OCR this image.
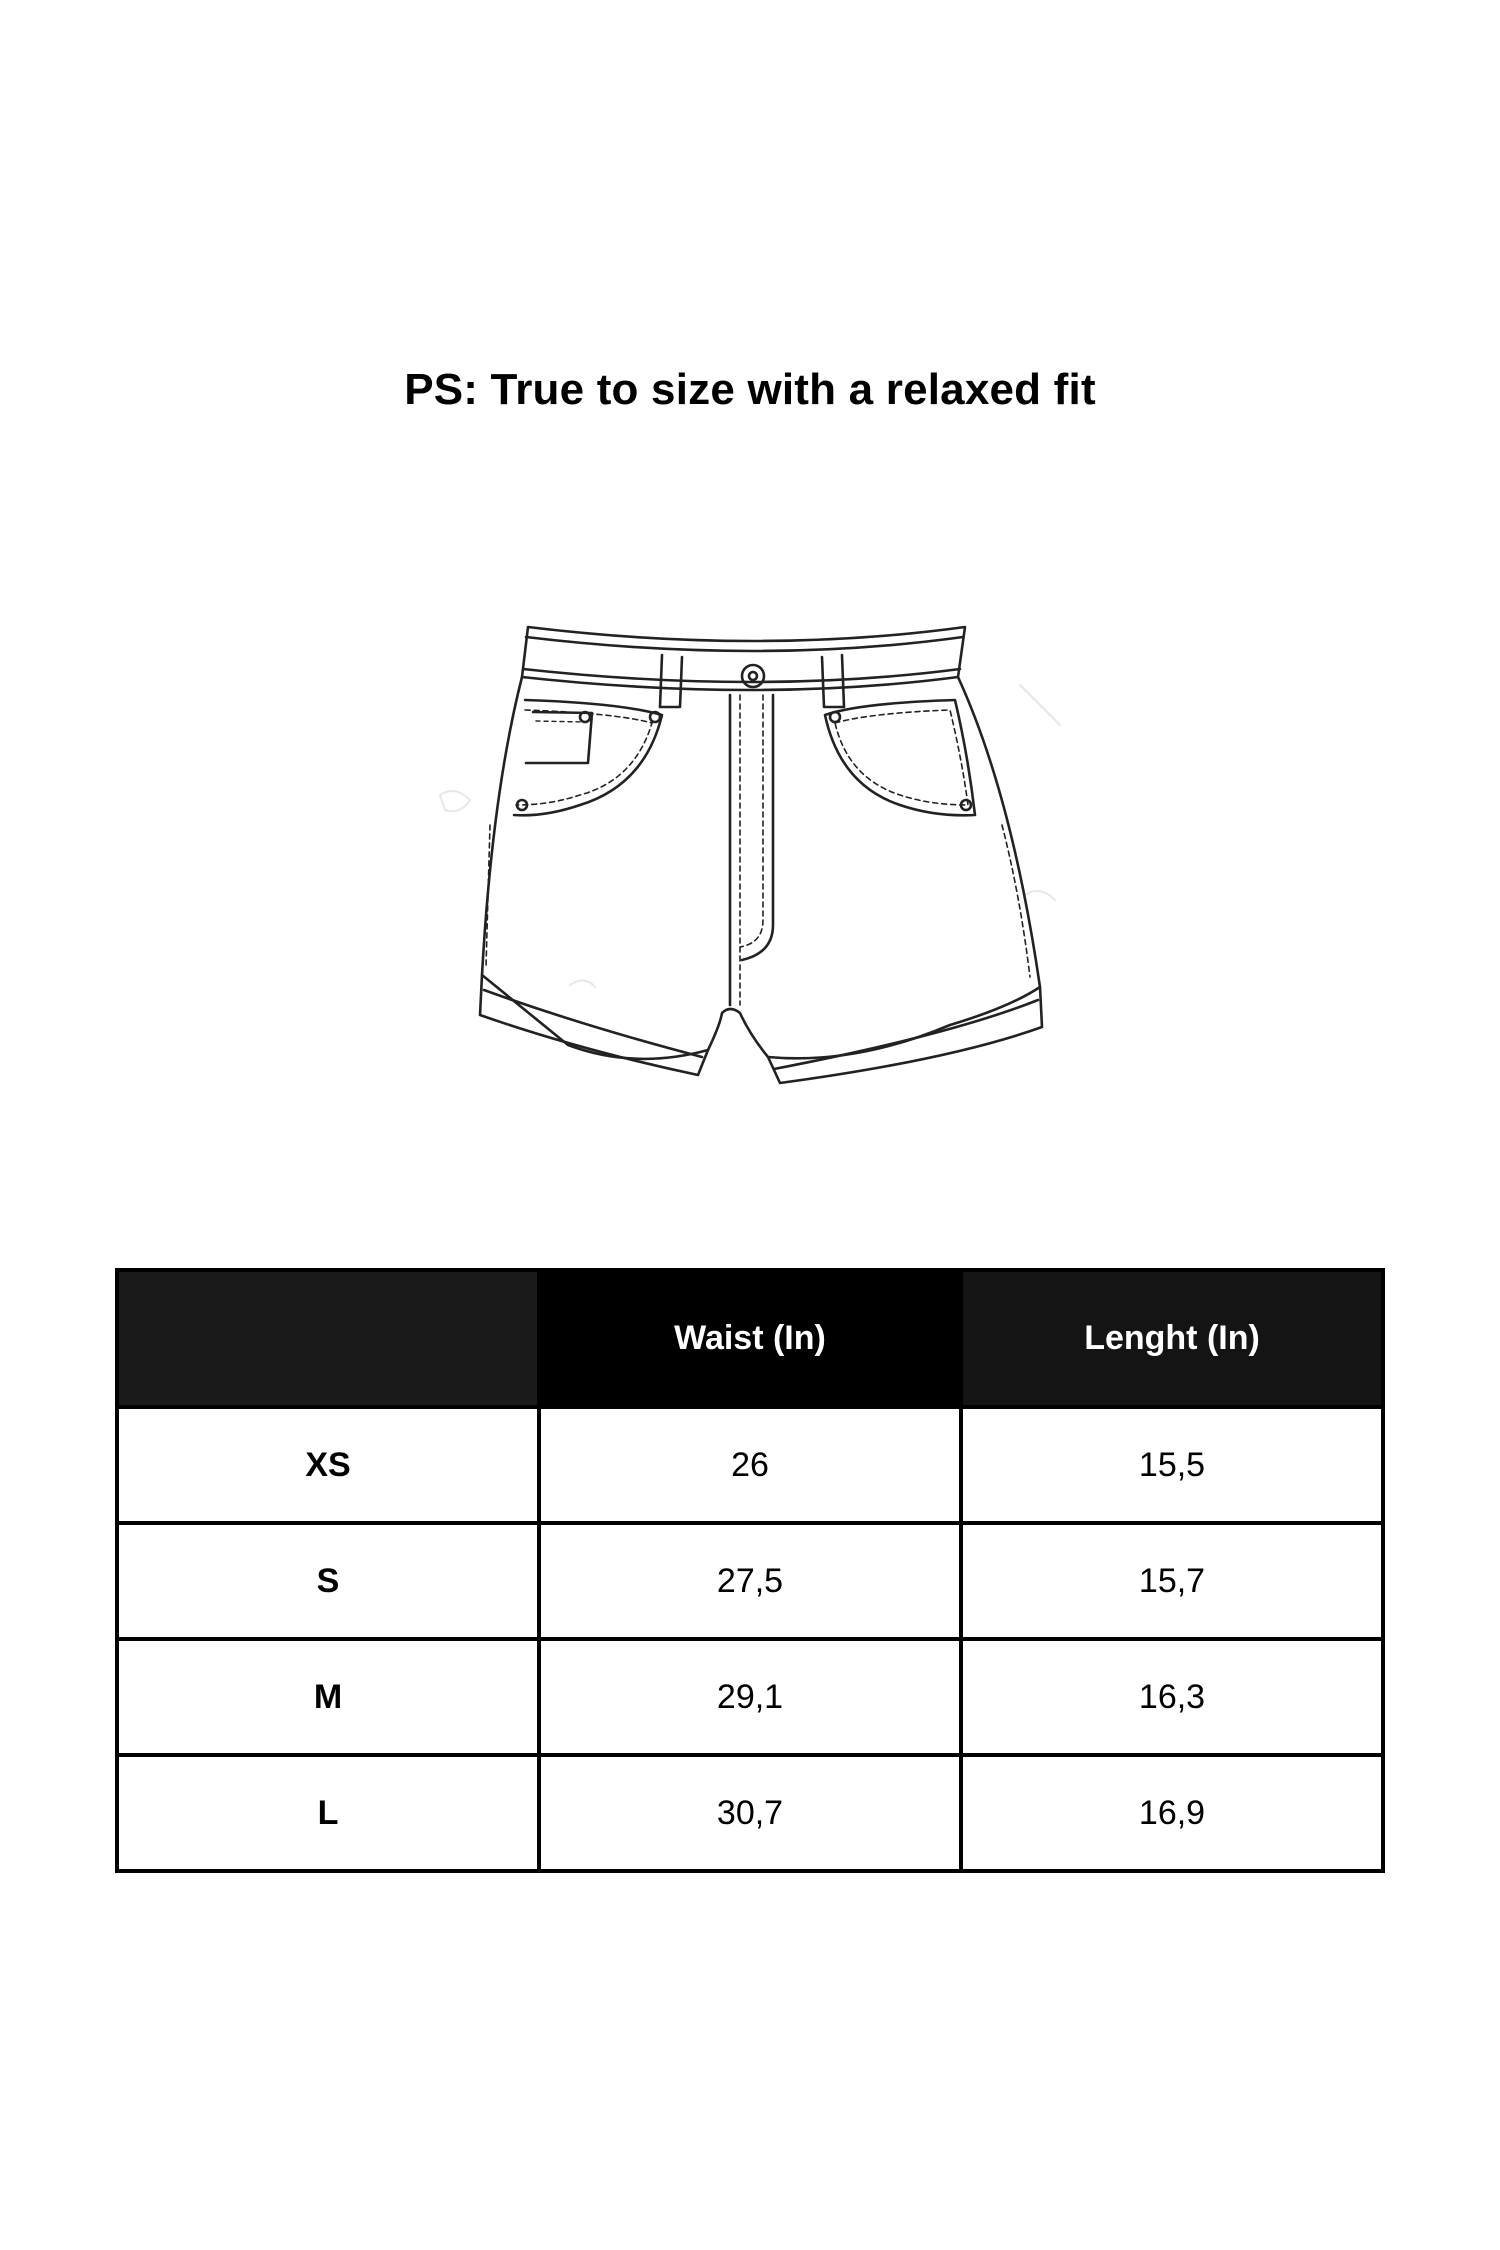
PS: True to size with a relaxed fit
	Waist (In)	Lenght (In)
XS	26	15,5
S	27,5	15,7
M	29,1	16,3
L	30,7	16,9
